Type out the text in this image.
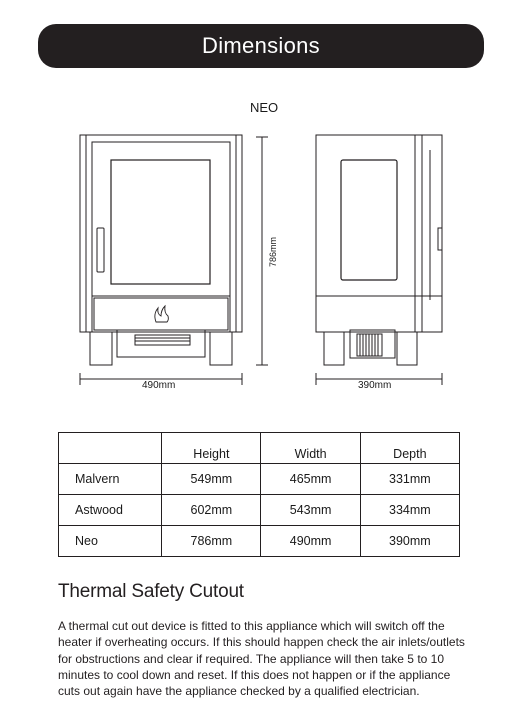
Dimensions
NEO
786mm
490mm	390mm
	Height	Width	Depth
Malvern	549mm	465mm	331mm
Astwood	602mm	543mm	334mm
Neo	786mm	490mm	390mm
Thermal Safety Cutout
A thermal cut out device is fitted to this appliance which will switch off the heater if overheating occurs. If this should happen check the air inlets/outlets for obstructions and clear if required. The appliance will then take 5 to 10 minutes to cool down and reset. If this does not happen or if the appliance cuts out again have the appliance checked by a qualified electrician.
